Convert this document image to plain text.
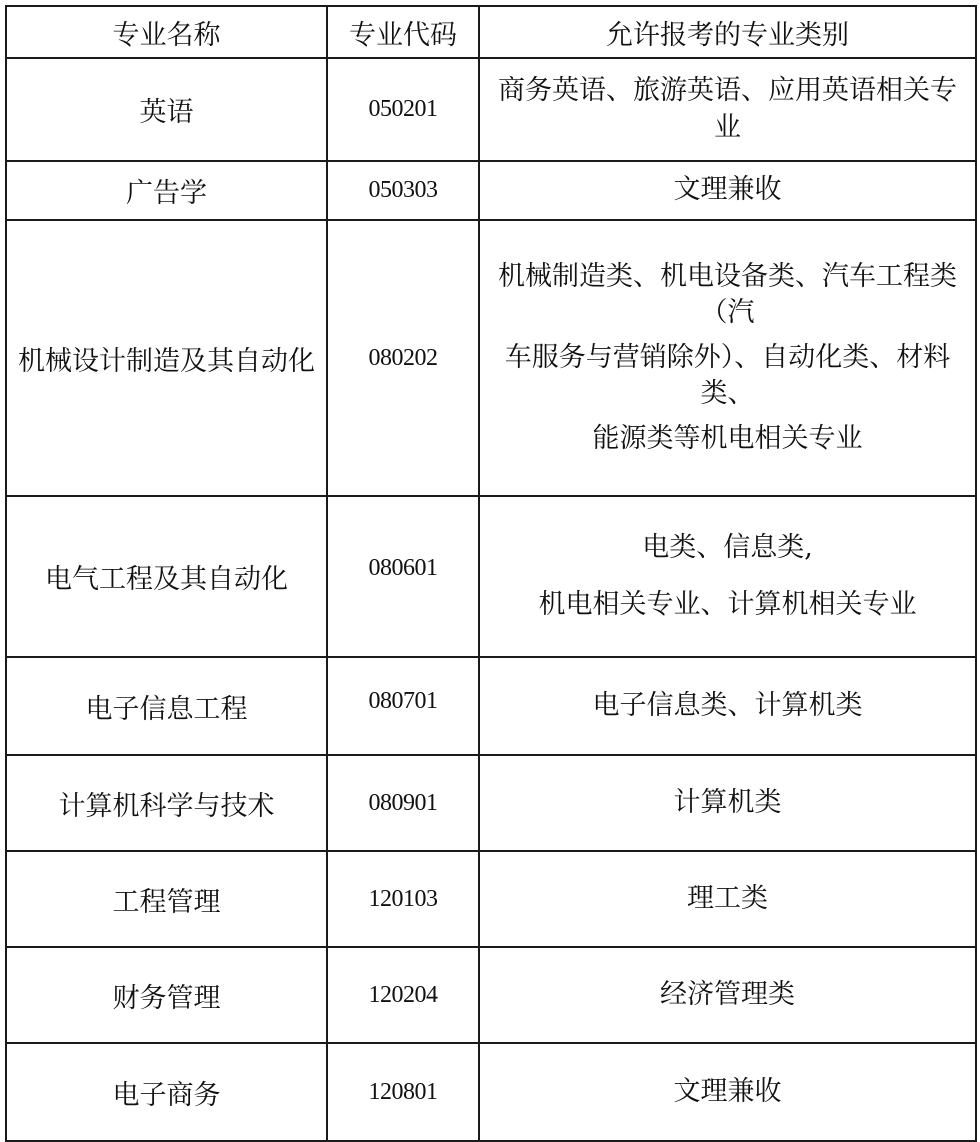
专业名称	专业代码	允许报考的专业类别
英语	050201	商务英语、旅游英语、应用英语相关专
业

广告学	050303	文理兼收

机械设计制造及其自动化	080202	机械制造类、机电设备类、汽车工程类
（汽
车服务与营销除外）、自动化类、材料
类、
能源类等机电相关专业

电气工程及其自动化	080601	电类、信息类,
机电相关专业、计算机相关专业

电子信息工程	080701	电子信息类、计算机类

计算机科学与技术	080901	计算机类

工程管理	120103	理工类

财务管理	120204	经济管理类

电子商务	120801	文理兼收
